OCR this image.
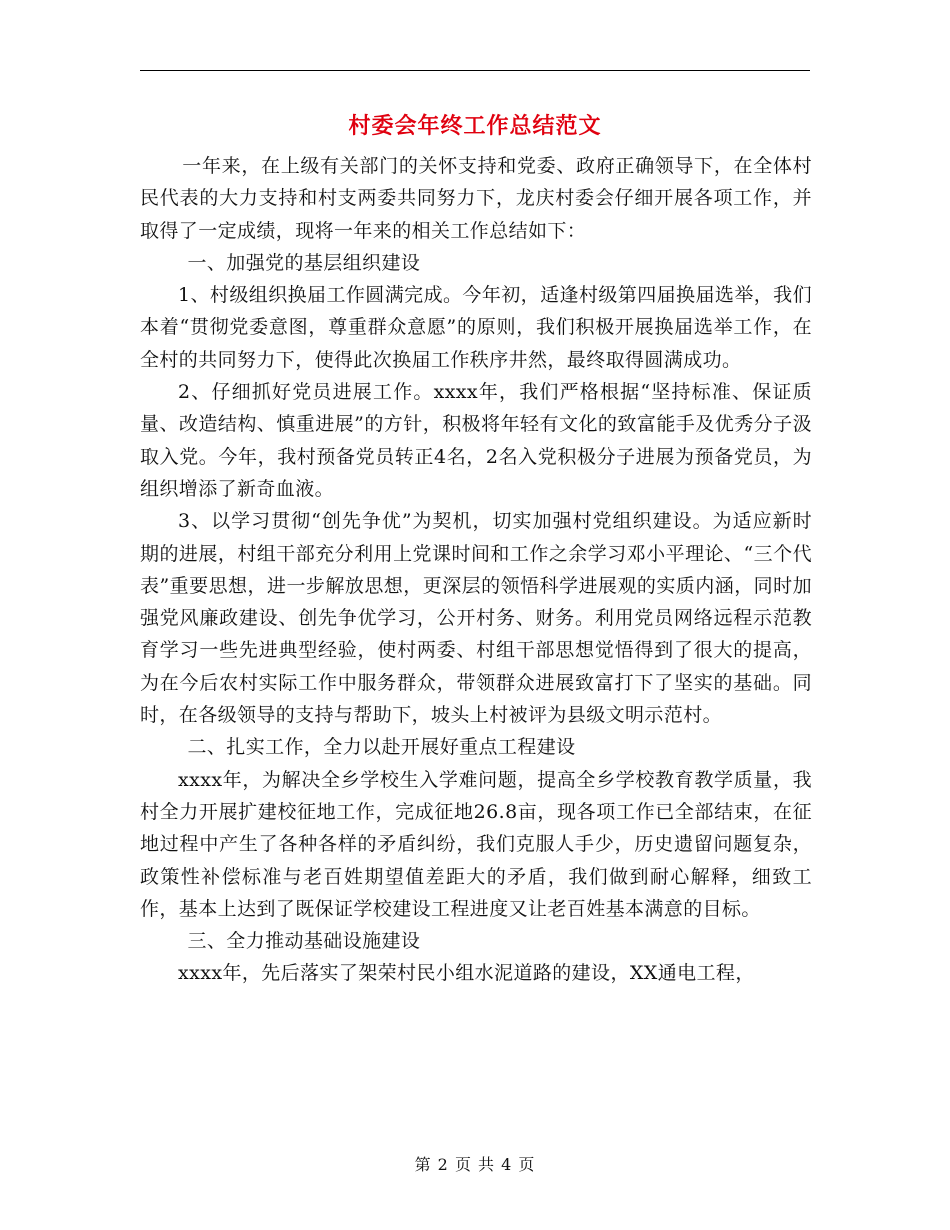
村委会年终工作总结范文

一年来，在上级有关部门的关怀支持和党委、政府正确领导下，在全体村民代表的大力支持和村支两委共同努力下，龙庆村委会仔细开展各项工作，并取得了一定成绩，现将一年来的相关工作总结如下：

一、加强党的基层组织建设

1、村级组织换届工作圆满完成。今年初，适逢村级第四届换届选举，我们本着“贯彻党委意图，尊重群众意愿”的原则，我们积极开展换届选举工作，在全村的共同努力下，使得此次换届工作秩序井然，最终取得圆满成功。

2、仔细抓好党员进展工作。xxxx年，我们严格根据“坚持标准、保证质量、改造结构、慎重进展”的方针，积极将年轻有文化的致富能手及优秀分子汲取入党。今年，我村预备党员转正4名，2名入党积极分子进展为预备党员，为组织增添了新奇血液。

3、以学习贯彻“创先争优”为契机，切实加强村党组织建设。为适应新时期的进展，村组干部充分利用上党课时间和工作之余学习邓小平理论、“三个代表”重要思想，进一步解放思想，更深层的领悟科学进展观的实质内涵，同时加强党风廉政建设、创先争优学习，公开村务、财务。利用党员网络远程示范教育学习一些先进典型经验，使村两委、村组干部思想觉悟得到了很大的提高，为在今后农村实际工作中服务群众，带领群众进展致富打下了坚实的基础。同时，在各级领导的支持与帮助下，坡头上村被评为县级文明示范村。

二、扎实工作，全力以赴开展好重点工程建设

xxxx年，为解决全乡学校生入学难问题，提高全乡学校教育教学质量，我村全力开展扩建校征地工作，完成征地26.8亩，现各项工作已全部结束，在征地过程中产生了各种各样的矛盾纠纷，我们克服人手少，历史遗留问题复杂，政策性补偿标准与老百姓期望值差距大的矛盾，我们做到耐心解释，细致工作，基本上达到了既保证学校建设工程进度又让老百姓基本满意的目标。

三、全力推动基础设施建设

xxxx年，先后落实了架荣村民小组水泥道路的建设，XX通电工程，

第 2 页 共 4 页
